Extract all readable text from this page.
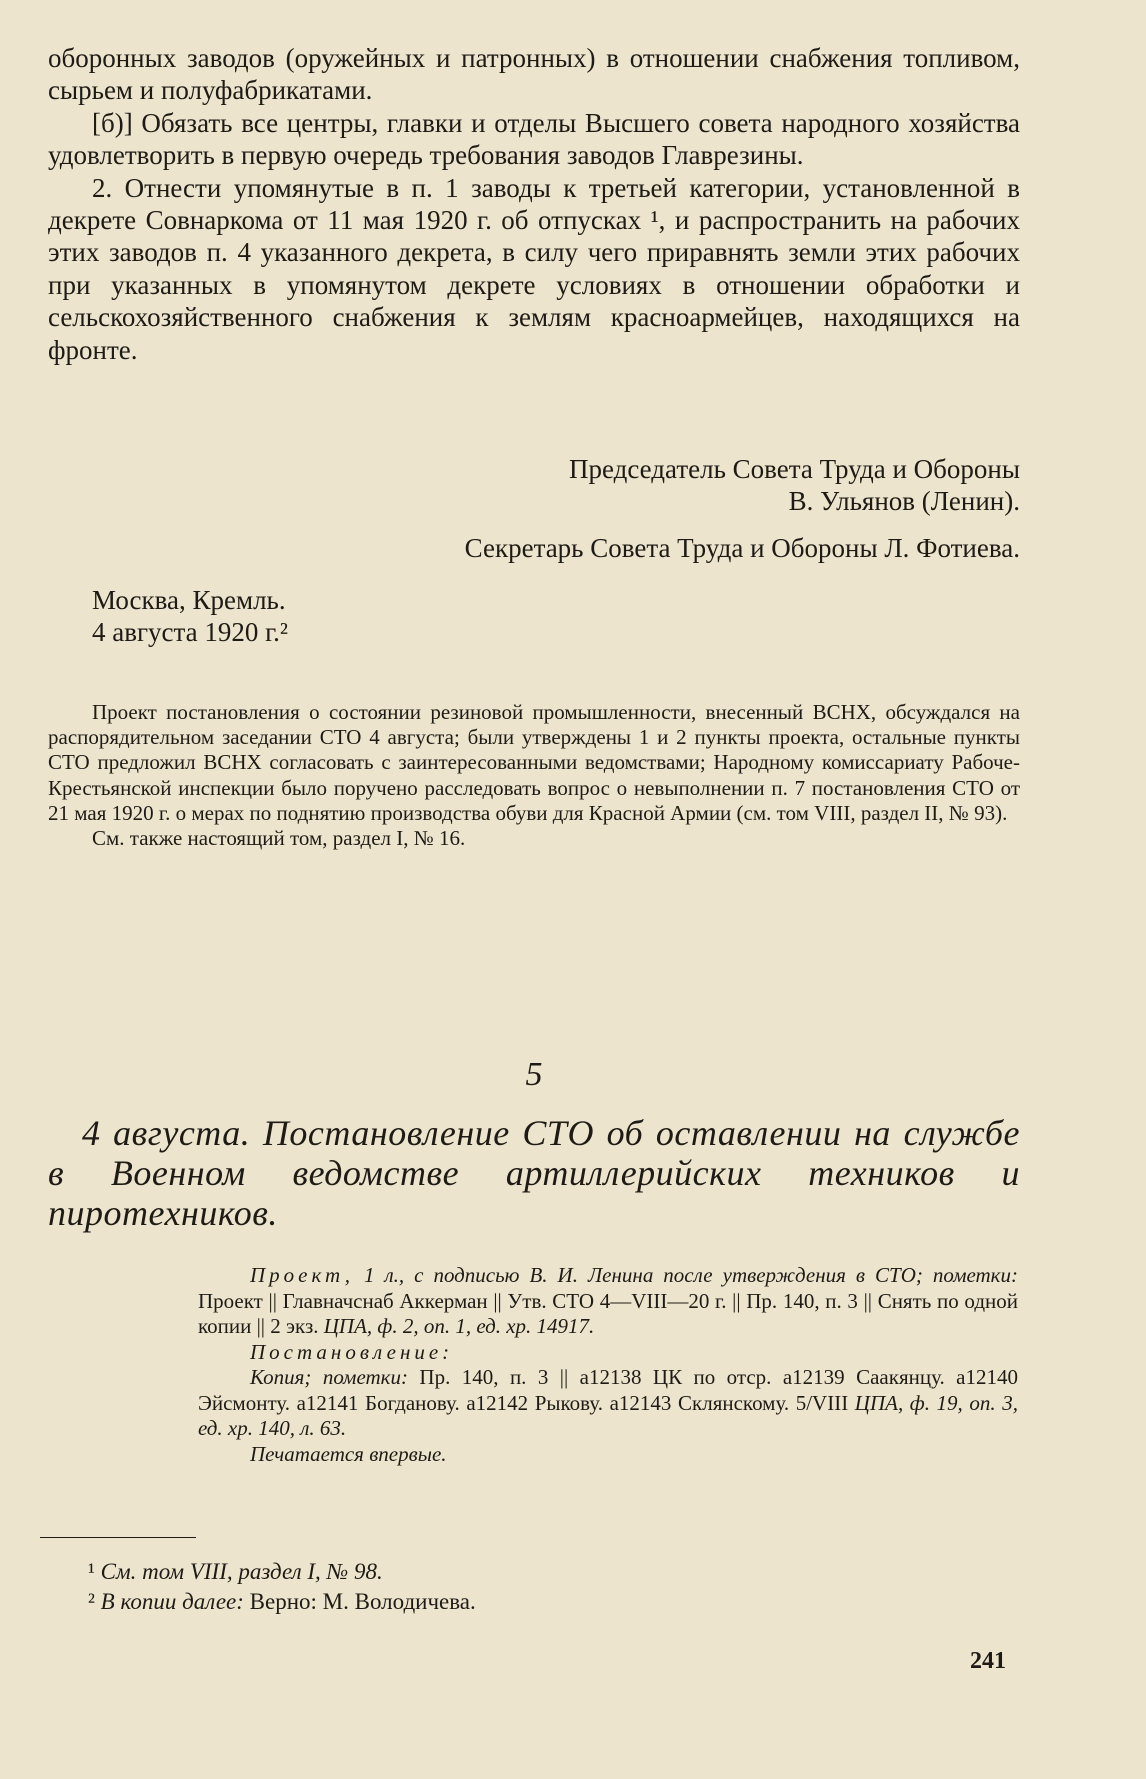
оборонных заводов (оружейных и патронных) в отношении снабжения топливом, сырьем и полуфабрикатами.

[б)] Обязать все центры, главки и отделы Высшего совета народного хозяйства удовлетворить в первую очередь требования заводов Главрезины.

2. Отнести упомянутые в п. 1 заводы к третьей категории, установленной в декрете Совнаркома от 11 мая 1920 г. об отпусках ¹, и распространить на рабочих этих заводов п. 4 указанного декрета, в силу чего приравнять земли этих рабочих при указанных в упомянутом декрете условиях в отношении обработки и сельскохозяйственного снабжения к землям красноармейцев, находящихся на фронте.

Председатель Совета Труда и Обороны

В. Ульянов (Ленин).

Секретарь Совета Труда и Обороны Л. Фотиева.

Москва, Кремль.

4 августа 1920 г.²

Проект постановления о состоянии резиновой промышленности, внесенный ВСНХ, обсуждался на распорядительном заседании СТО 4 августа; были утверждены 1 и 2 пункты проекта, остальные пункты СТО предложил ВСНХ согласовать с заинтересованными ведомствами; Народному комиссариату Рабоче-Крестьянской инспекции было поручено расследовать вопрос о невыполнении п. 7 постановления СТО от 21 мая 1920 г. о мерах по поднятию производства обуви для Красной Армии (см. том VIII, раздел II, № 93).

См. также настоящий том, раздел I, № 16.

5

4 августа. Постановление СТО об оставлении на службе в Военном ведомстве артиллерийских техников и пиротехников.

Проект, 1 л., с подписью В. И. Ленина после утверждения в СТО; пометки: Проект || Главначснаб Аккерман || Утв. СТО 4—VIII—20 г. || Пр. 140, п. 3 || Снять по одной копии || 2 экз. ЦПА, ф. 2, оп. 1, ед. хр. 14917.

Постановление:

Копия; пометки: Пр. 140, п. 3 || а12138 ЦК по отср. а12139 Саакянцу. а12140 Эйсмонту. а12141 Богданову. а12142 Рыкову. а12143 Склянскому. 5/VIII ЦПА, ф. 19, оп. 3, ед. хр. 140, л. 63.

Печатается впервые.

¹ См. том VIII, раздел I, № 98.

² В копии далее: Верно: М. Володичева.

241
